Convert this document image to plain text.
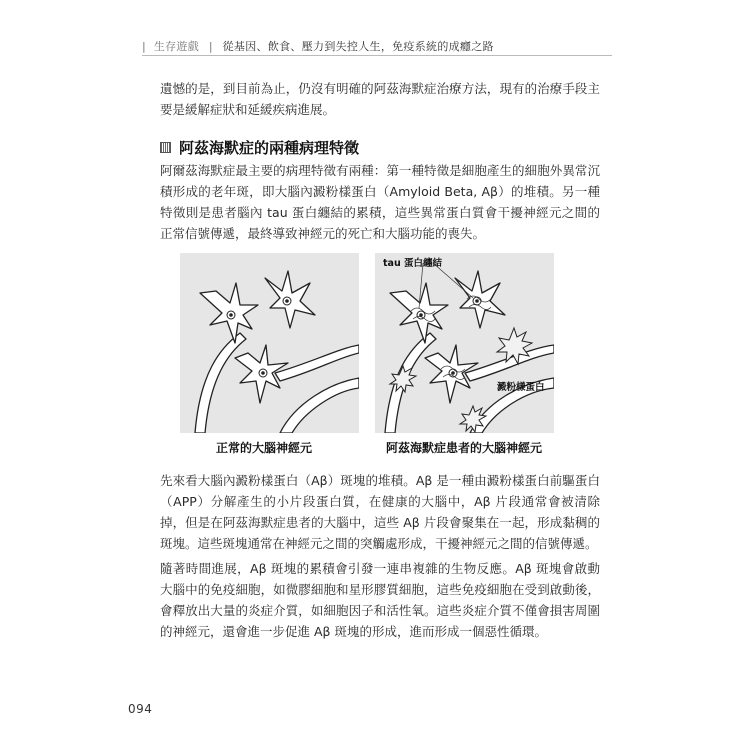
| 生存遊戲 | 從基因、飲食、壓力到失控人生，免疫系統的成癮之路

遺憾的是，到目前為止，仍沒有明確的阿茲海默症治療方法，現有的治療手段主要是緩解症狀和延緩疾病進展。

阿茲海默症的兩種病理特徵

阿爾茲海默症最主要的病理特徵有兩種：第一種特徵是細胞產生的細胞外異常沉積形成的老年斑，即大腦內澱粉樣蛋白（Amyloid Beta, Aβ）的堆積。另一種特徵則是患者腦內 tau 蛋白纏結的累積，這些異常蛋白質會干擾神經元之間的正常信號傳遞，最終導致神經元的死亡和大腦功能的喪失。

tau 蛋白纏結
澱粉樣蛋白
正常的大腦神經元	阿茲海默症患者的大腦神經元

先來看大腦內澱粉樣蛋白（Aβ）斑塊的堆積。Aβ 是一種由澱粉樣蛋白前驅蛋白（APP）分解產生的小片段蛋白質，在健康的大腦中，Aβ 片段通常會被清除掉，但是在阿茲海默症患者的大腦中，這些 Aβ 片段會聚集在一起，形成黏稠的斑塊。這些斑塊通常在神經元之間的突觸處形成，干擾神經元之間的信號傳遞。

隨著時間進展，Aβ 斑塊的累積會引發一連串複雜的生物反應。Aβ 斑塊會啟動大腦中的免疫細胞，如微膠細胞和星形膠質細胞，這些免疫細胞在受到啟動後，會釋放出大量的炎症介質，如細胞因子和活性氧。這些炎症介質不僅會損害周圍的神經元，還會進一步促進 Aβ 斑塊的形成，進而形成一個惡性循環。

094
